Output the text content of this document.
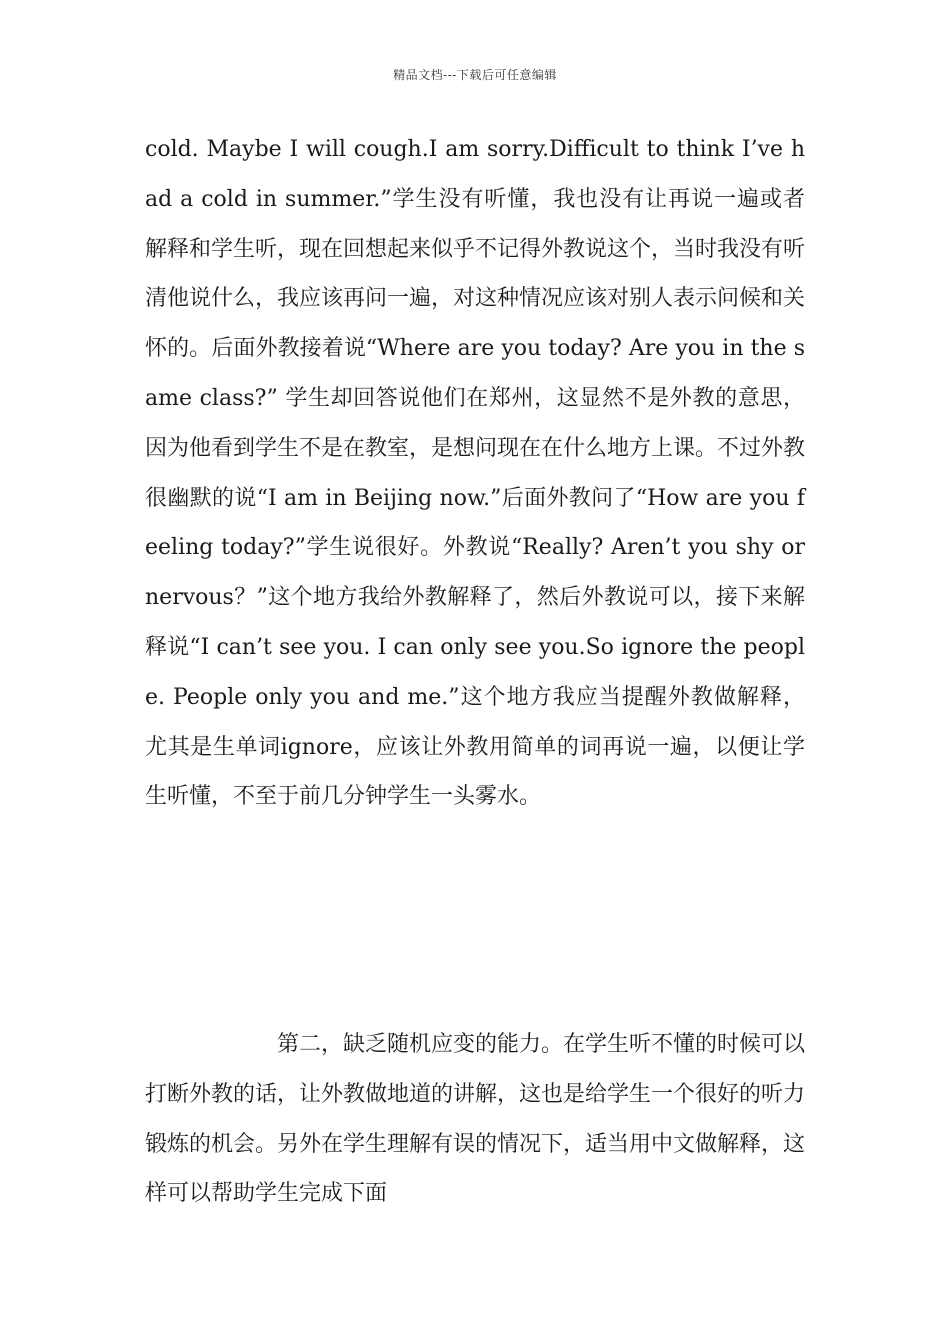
精品文档---下载后可任意编辑
cold. Maybe I will cough.I am sorry.Difficult to think I’ve had a cold in summer.”学生没有听懂，我也没有让再说一遍或者解释和学生听，现在回想起来似乎不记得外教说这个，当时我没有听清他说什么，我应该再问一遍，对这种情况应该对别人表示问候和关怀的。后面外教接着说“Where are you today? Are you in the same class?” 学生却回答说他们在郑州，这显然不是外教的意思，因为他看到学生不是在教室，是想问现在在什么地方上课。不过外教很幽默的说“I am in Beijing now.”后面外教问了“How are you feeling today?”学生说很好。外教说“Really? Aren’t you shy or nervous？”这个地方我给外教解释了，然后外教说可以，接下来解释说“I can’t see you. I can only see you.So ignore the people. People only you and me.”这个地方我应当提醒外教做解释，尤其是生单词ignore，应该让外教用简单的词再说一遍，以便让学生听懂，不至于前几分钟学生一头雾水。
第二，缺乏随机应变的能力。在学生听不懂的时候可以打断外教的话，让外教做地道的讲解，这也是给学生一个很好的听力锻炼的机会。另外在学生理解有误的情况下，适当用中文做解释，这样可以帮助学生完成下面
